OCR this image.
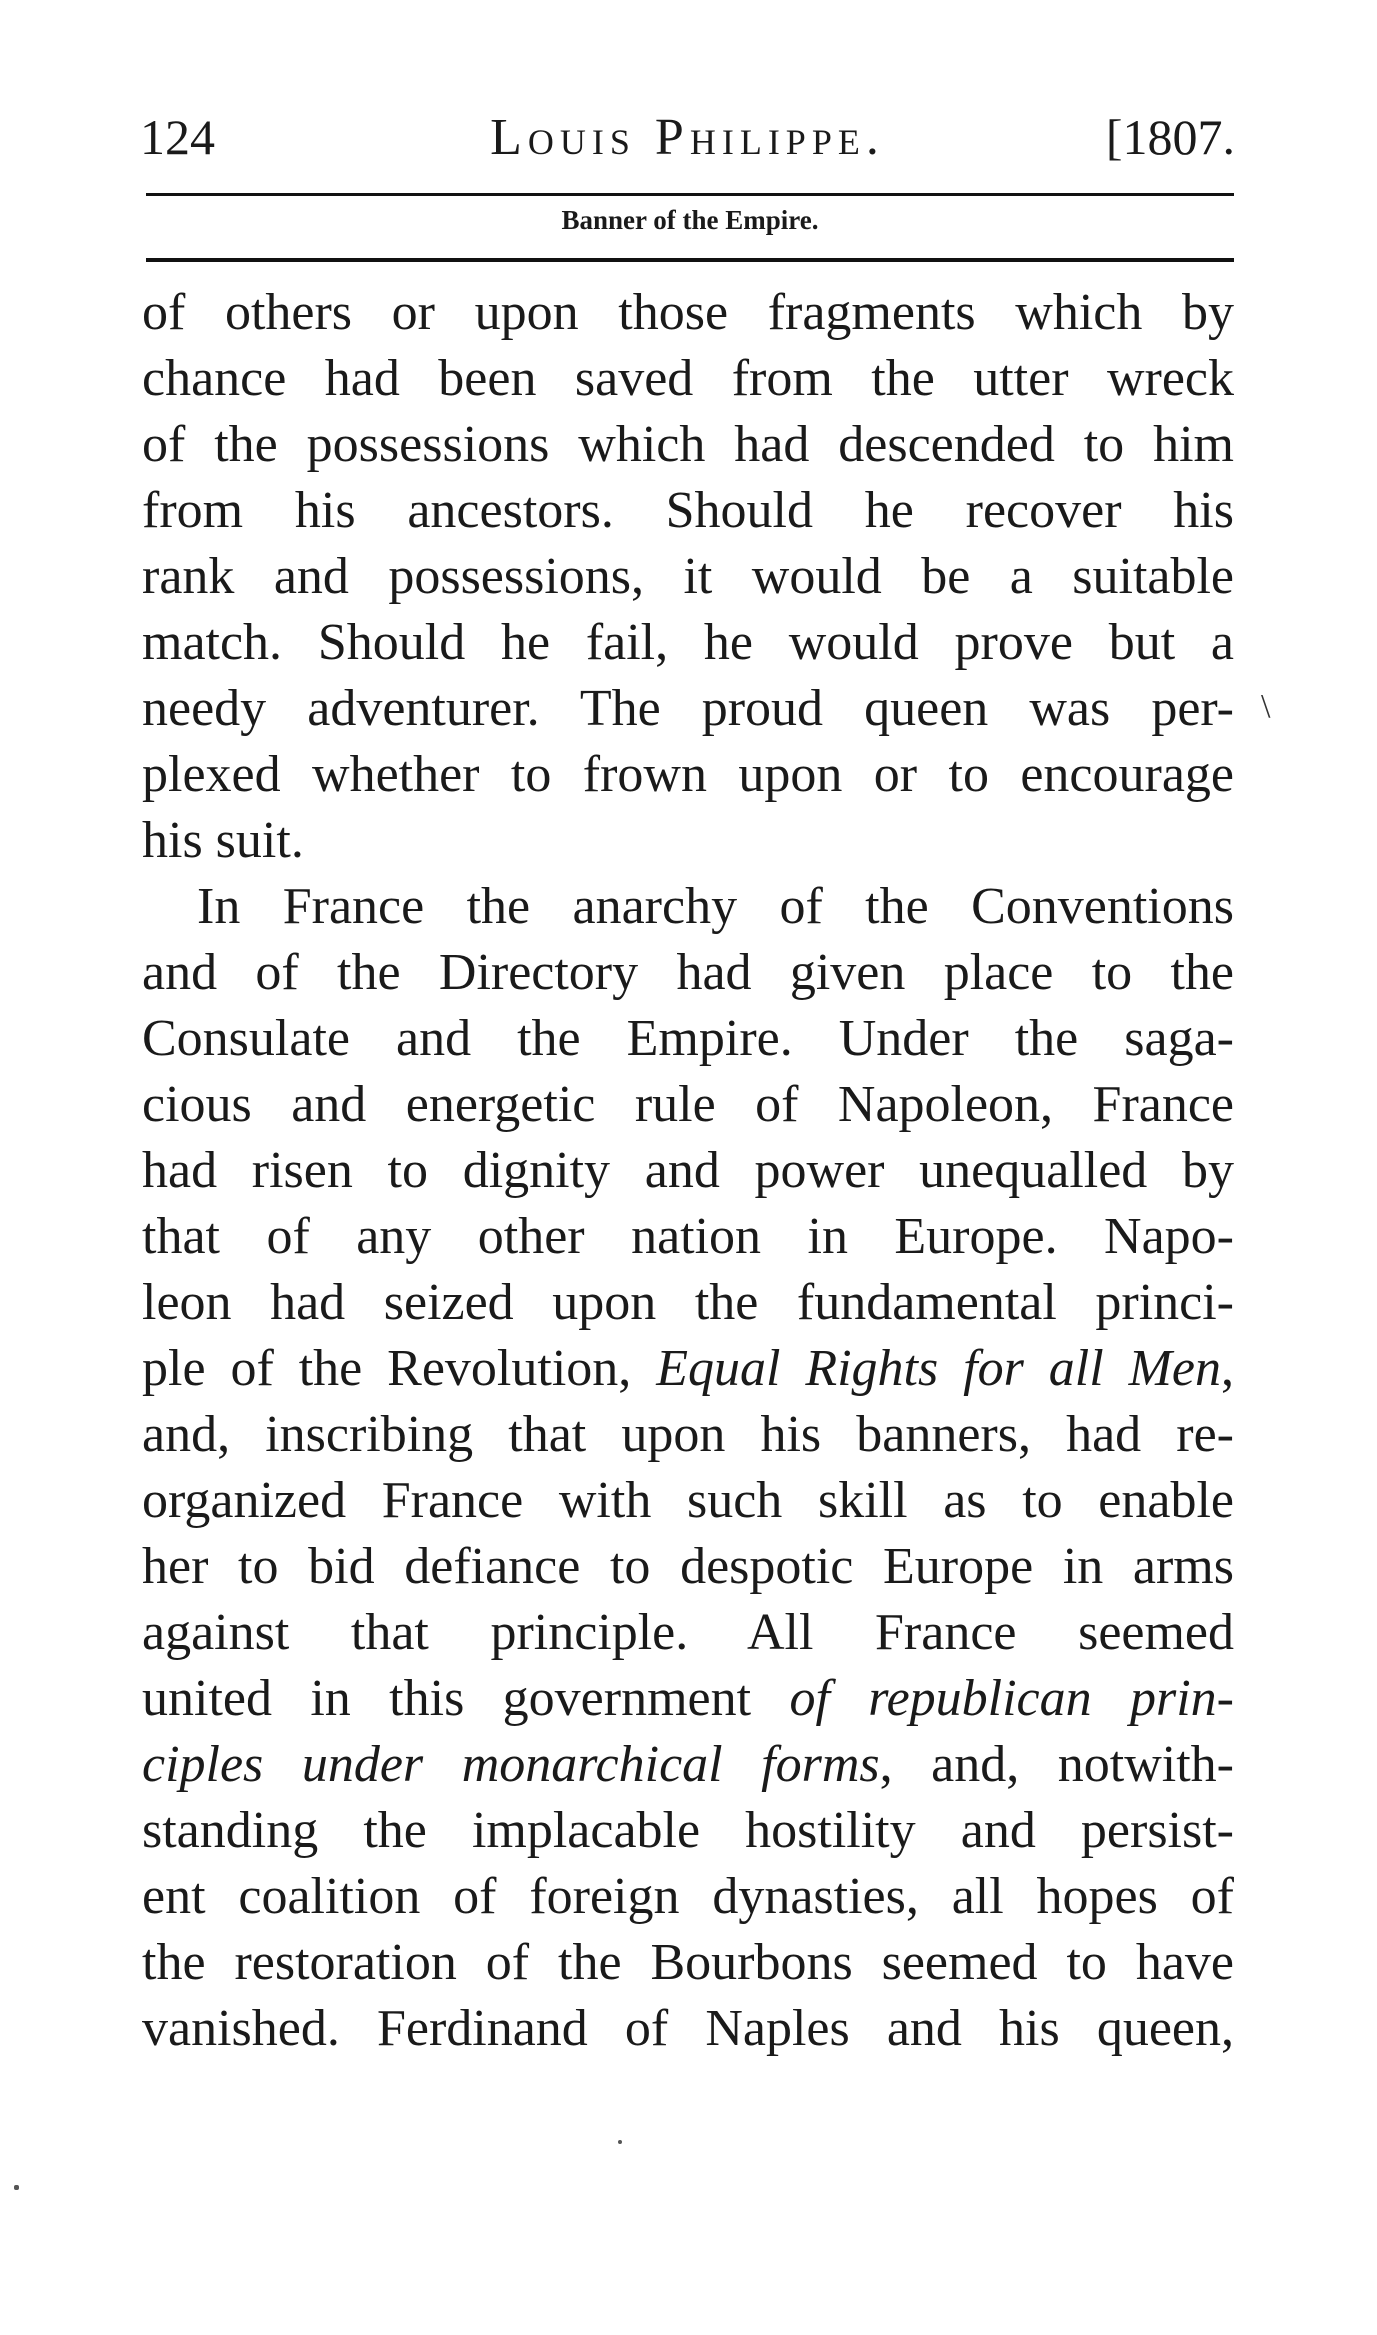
124	Louis Philippe.	[1807.
Banner of the Empire.
of others or upon those fragments which by
chance had been saved from the utter wreck
of the possessions which had descended to him
from his ancestors. Should he recover his
rank and possessions, it would be a suitable
match. Should he fail, he would prove but a
needy adventurer. The proud queen was per-
plexed whether to frown upon or to encourage
his suit.
In France the anarchy of the Conventions
and of the Directory had given place to the
Consulate and the Empire. Under the saga-
cious and energetic rule of Napoleon, France
had risen to dignity and power unequalled by
that of any other nation in Europe. Napo-
leon had seized upon the fundamental princi-
ple of the Revolution, Equal Rights for all Men,
and, inscribing that upon his banners, had re-
organized France with such skill as to enable
her to bid defiance to despotic Europe in arms
against that principle. All France seemed
united in this government of republican prin-
ciples under monarchical forms, and, notwith-
standing the implacable hostility and persist-
ent coalition of foreign dynasties, all hopes of
the restoration of the Bourbons seemed to have
vanished. Ferdinand of Naples and his queen,
\
